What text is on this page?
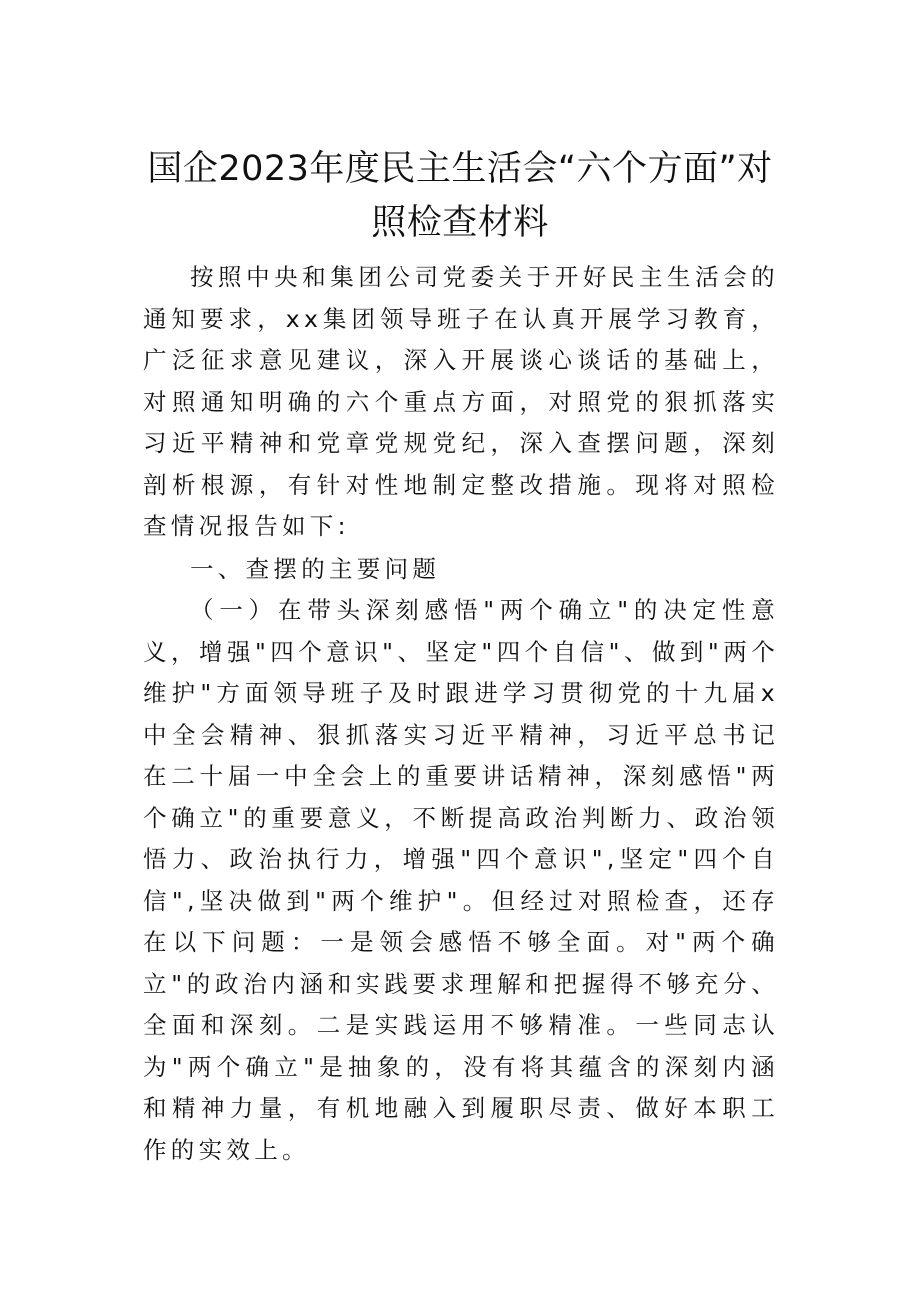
国企2023年度民主生活会“六个方面”对照检查材料

按照中央和集团公司党委关于开好民主生活会的通知要求，xx集团领导班子在认真开展学习教育，广泛征求意见建议，深入开展谈心谈话的基础上，对照通知明确的六个重点方面，对照党的狠抓落实习近平精神和党章党规党纪，深入查摆问题，深刻剖析根源，有针对性地制定整改措施。现将对照检查情况报告如下:

一、查摆的主要问题

（一）在带头深刻感悟"两个确立"的决定性意义，增强"四个意识"、坚定"四个自信"、做到"两个维护"方面领导班子及时跟进学习贯彻党的十九届x中全会精神、狠抓落实习近平精神，习近平总书记在二十届一中全会上的重要讲话精神，深刻感悟"两个确立"的重要意义，不断提高政治判断力、政治领悟力、政治执行力，增强"四个意识",坚定"四个自信",坚决做到"两个维护"。但经过对照检查，还存在以下问题：一是领会感悟不够全面。对"两个确立"的政治内涵和实践要求理解和把握得不够充分、全面和深刻。二是实践运用不够精准。一些同志认为"两个确立"是抽象的，没有将其蕴含的深刻内涵和精神力量，有机地融入到履职尽责、做好本职工作的实效上。
